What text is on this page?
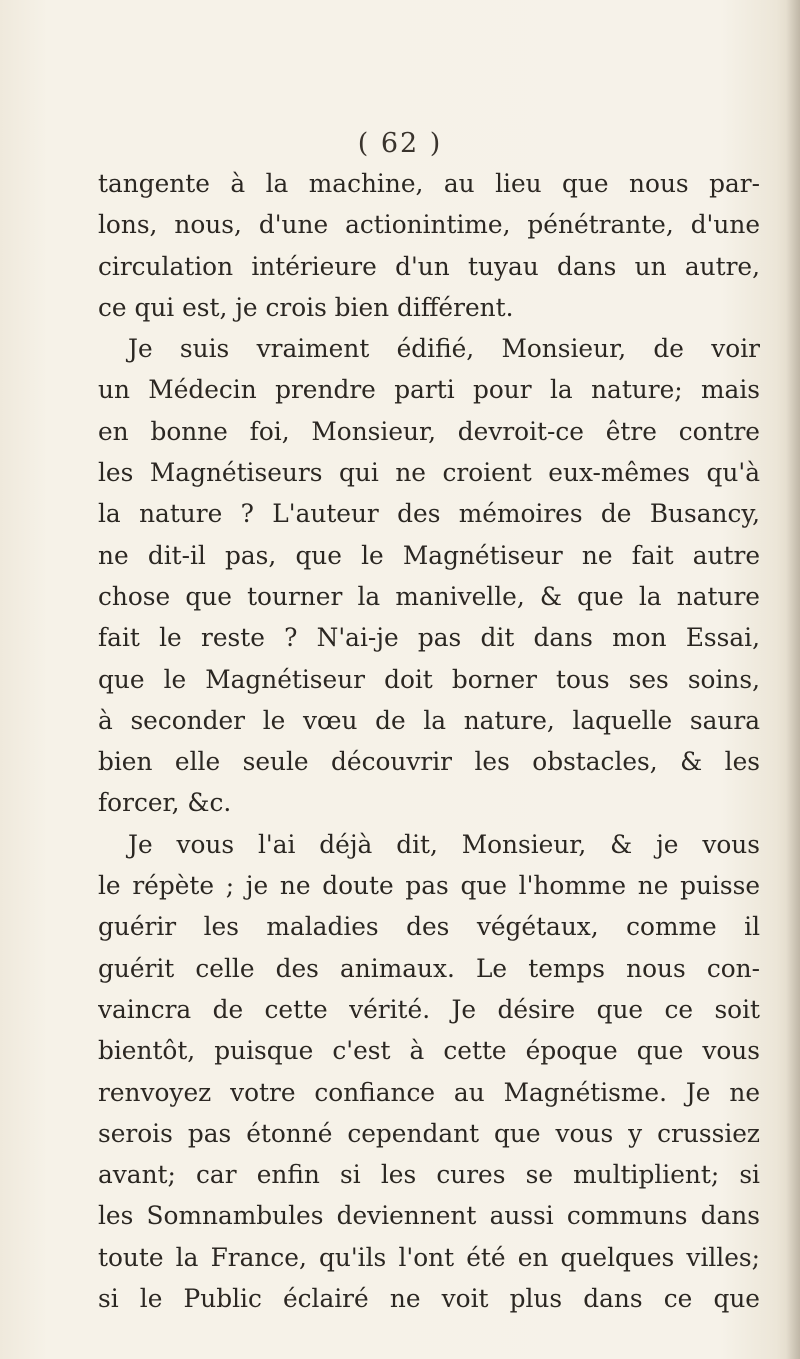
( 62 )
tangente à la machine, au lieu que nous par-
lons, nous, d'une actionintime, pénétrante, d'une
circulation intérieure d'un tuyau dans un autre,
ce qui est, je crois bien différent.
Je suis vraiment édifié, Monsieur, de voir
un Médecin prendre parti pour la nature; mais
en bonne foi, Monsieur, devroit-ce être contre
les Magnétiseurs qui ne croient eux-mêmes qu'à
la nature ? L'auteur des mémoires de Busancy,
ne dit-il pas, que le Magnétiseur ne fait autre
chose que tourner la manivelle, & que la nature
fait le reste ? N'ai-je pas dit dans mon Essai,
que le Magnétiseur doit borner tous ses soins,
à seconder le vœu de la nature, laquelle saura
bien elle seule découvrir les obstacles, & les
forcer, &c.
Je vous l'ai déjà dit, Monsieur, & je vous
le répète ; je ne doute pas que l'homme ne puisse
guérir les maladies des végétaux, comme il
guérit celle des animaux. Le temps nous con-
vaincra de cette vérité. Je désire que ce soit
bientôt, puisque c'est à cette époque que vous
renvoyez votre confiance au Magnétisme. Je ne
serois pas étonné cependant que vous y crussiez
avant; car enfin si les cures se multiplient; si
les Somnambules deviennent aussi communs dans
toute la France, qu'ils l'ont été en quelques villes;
si le Public éclairé ne voit plus dans ce que
